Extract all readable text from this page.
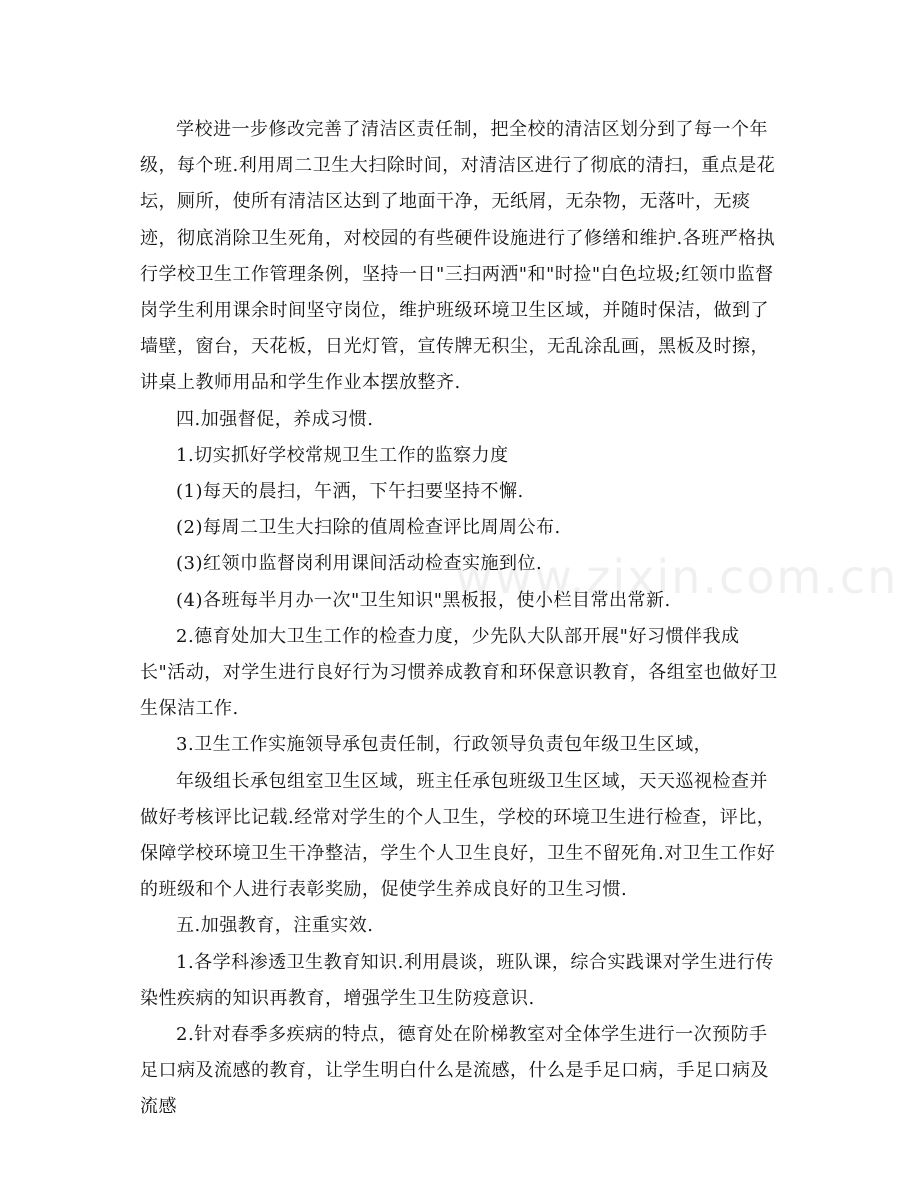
www.zixin.com.cn

学校进一步修改完善了清洁区责任制，把全校的清洁区划分到了每一个年级，每个班.利用周二卫生大扫除时间，对清洁区进行了彻底的清扫，重点是花坛，厕所，使所有清洁区达到了地面干净，无纸屑，无杂物，无落叶，无痰迹，彻底消除卫生死角，对校园的有些硬件设施进行了修缮和维护.各班严格执行学校卫生工作管理条例，坚持一日"三扫两洒"和"时捡"白色垃圾;红领巾监督岗学生利用课余时间坚守岗位，维护班级环境卫生区域，并随时保洁，做到了墙壁，窗台，天花板，日光灯管，宣传牌无积尘，无乱涂乱画，黑板及时擦，讲桌上教师用品和学生作业本摆放整齐.

四.加强督促，养成习惯.

1.切实抓好学校常规卫生工作的监察力度

(1)每天的晨扫，午洒，下午扫要坚持不懈.

(2)每周二卫生大扫除的值周检查评比周周公布.

(3)红领巾监督岗利用课间活动检查实施到位.

(4)各班每半月办一次"卫生知识"黑板报，使小栏目常出常新.

2.德育处加大卫生工作的检查力度，少先队大队部开展"好习惯伴我成长"活动，对学生进行良好行为习惯养成教育和环保意识教育，各组室也做好卫生保洁工作.

3.卫生工作实施领导承包责任制，行政领导负责包年级卫生区域，

年级组长承包组室卫生区域，班主任承包班级卫生区域，天天巡视检查并做好考核评比记载.经常对学生的个人卫生，学校的环境卫生进行检查，评比，保障学校环境卫生干净整洁，学生个人卫生良好，卫生不留死角.对卫生工作好的班级和个人进行表彰奖励，促使学生养成良好的卫生习惯.

五.加强教育，注重实效.

1.各学科渗透卫生教育知识.利用晨谈，班队课，综合实践课对学生进行传染性疾病的知识再教育，增强学生卫生防疫意识.

2.针对春季多疾病的特点，德育处在阶梯教室对全体学生进行一次预防手足口病及流感的教育，让学生明白什么是流感，什么是手足口病，手足口病及流感
